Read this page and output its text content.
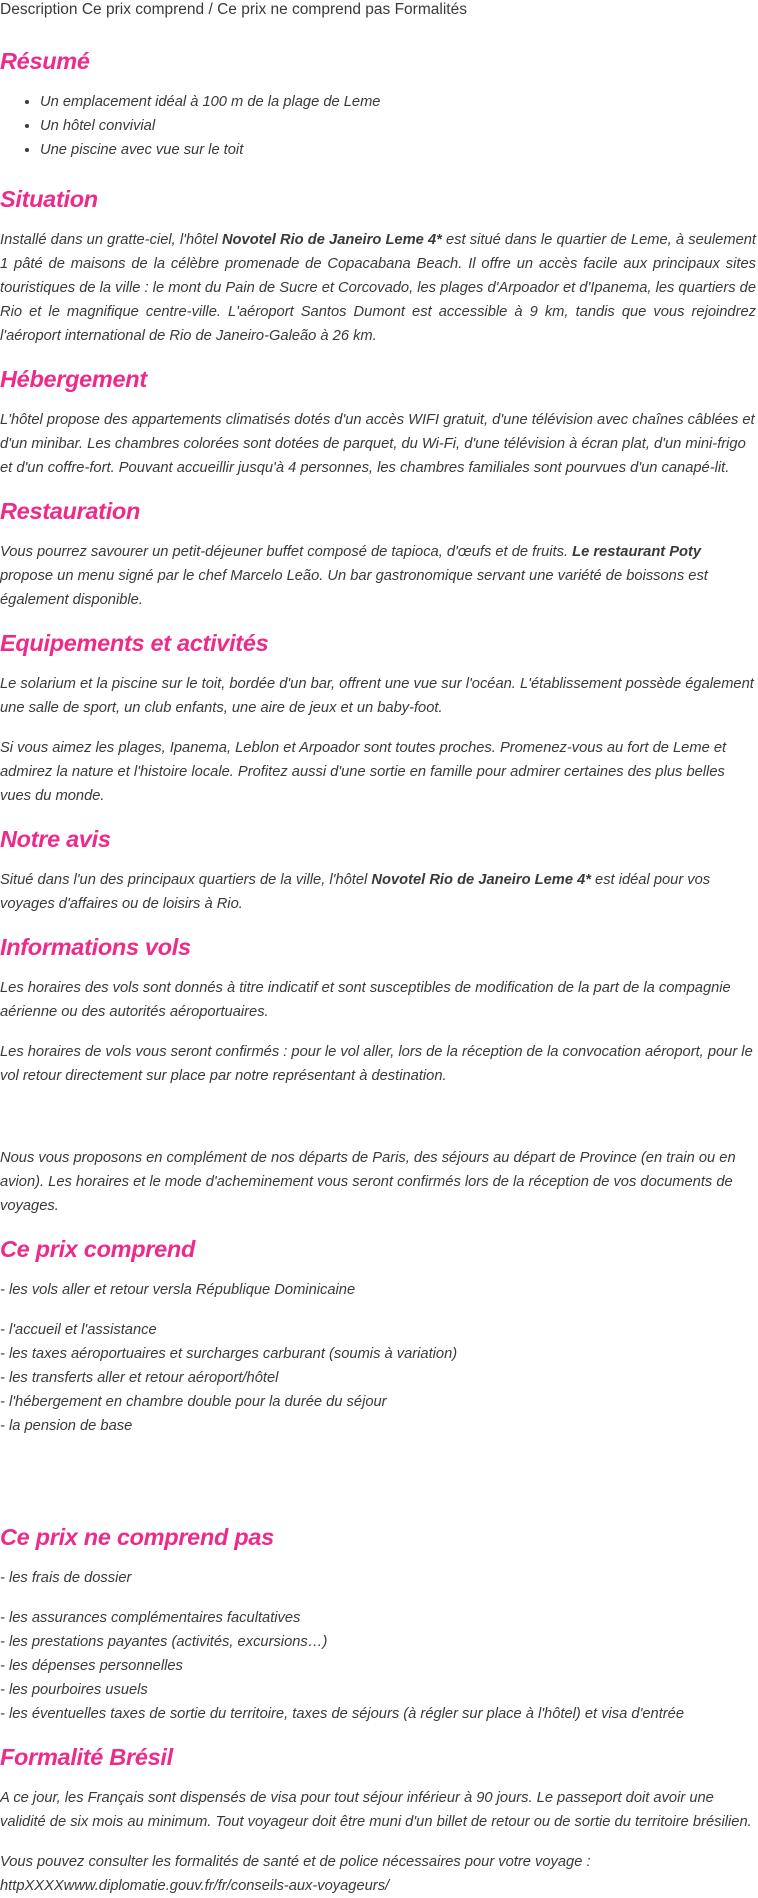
Description Ce prix comprend / Ce prix ne comprend pas Formalités
Résumé
• Un emplacement idéal à 100 m de la plage de Leme
• Un hôtel convivial
• Une piscine avec vue sur le toit
Situation

Installé dans un gratte-ciel, l'hôtel Novotel Rio de Janeiro Leme 4* est situé dans le quartier de Leme, à seulement 1 pâté de maisons de la célèbre promenade de Copacabana Beach. Il offre un accès facile aux principaux sites touristiques de la ville : le mont du Pain de Sucre et Corcovado, les plages d'Arpoador et d'Ipanema, les quartiers de Rio et le magnifique centre-ville. L'aéroport Santos Dumont est accessible à 9 km, tandis que vous rejoindrez l'aéroport international de Rio de Janeiro-Galeão à 26 km.

Hébergement

L'hôtel propose des appartements climatisés dotés d'un accès WIFI gratuit, d'une télévision avec chaînes câblées et d'un minibar. Les chambres colorées sont dotées de parquet, du Wi-Fi, d'une télévision à écran plat, d'un mini-frigo et d'un coffre-fort. Pouvant accueillir jusqu'à 4 personnes, les chambres familiales sont pourvues d'un canapé-lit.

Restauration

Vous pourrez savourer un petit-déjeuner buffet composé de tapioca, d'œufs et de fruits. Le restaurant Poty propose un menu signé par le chef Marcelo Leão. Un bar gastronomique servant une variété de boissons est également disponible.

Equipements et activités

Le solarium et la piscine sur le toit, bordée d'un bar, offrent une vue sur l'océan. L'établissement possède également une salle de sport, un club enfants, une aire de jeux et un baby-foot.

Si vous aimez les plages, Ipanema, Leblon et Arpoador sont toutes proches. Promenez-vous au fort de Leme et admirez la nature et l'histoire locale. Profitez aussi d'une sortie en famille pour admirer certaines des plus belles vues du monde.

Notre avis

Situé dans l'un des principaux quartiers de la ville, l'hôtel Novotel Rio de Janeiro Leme 4* est idéal pour vos voyages d'affaires ou de loisirs à Rio.

Informations vols

Les horaires des vols sont donnés à titre indicatif et sont susceptibles de modification de la part de la compagnie aérienne ou des autorités aéroportuaires.

Les horaires de vols vous seront confirmés : pour le vol aller, lors de la réception de la convocation aéroport, pour le vol retour directement sur place par notre représentant à destination.

Nous vous proposons en complément de nos départs de Paris, des séjours au départ de Province (en train ou en avion). Les horaires et le mode d'acheminement vous seront confirmés lors de la réception de vos documents de voyages.

Ce prix comprend

- les vols aller et retour versla République Dominicaine

- l'accueil et l'assistance
- les taxes aéroportuaires et surcharges carburant (soumis à variation)
- les transferts aller et retour aéroport/hôtel
- l'hébergement en chambre double pour la durée du séjour
- la pension de base
Ce prix ne comprend pas

- les frais de dossier

- les assurances complémentaires facultatives
- les prestations payantes (activités, excursions…)
- les dépenses personnelles
- les pourboires usuels
- les éventuelles taxes de sortie du territoire, taxes de séjours (à régler sur place à l'hôtel) et visa d'entrée
Formalité Brésil

A ce jour, les Français sont dispensés de visa pour tout séjour inférieur à 90 jours. Le passeport doit avoir une validité de six mois au minimum. Tout voyageur doit être muni d'un billet de retour ou de sortie du territoire brésilien.

Vous pouvez consulter les formalités de santé et de police nécessaires pour votre voyage :
httpXXXXwww.diplomatie.gouv.fr/fr/conseils-aux-voyageurs/
